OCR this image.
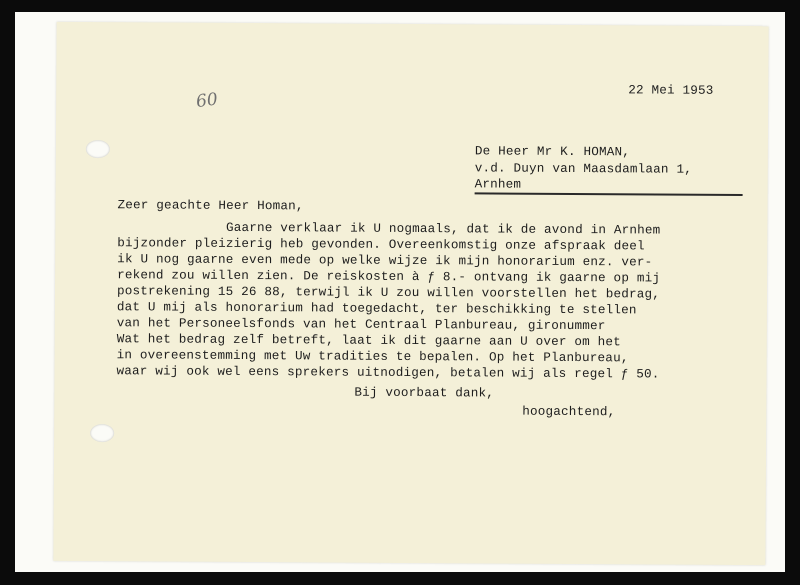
60	22 Mei 1953
De Heer Mr K. HOMAN,
v.d. Duyn van Maasdamlaan 1,
Arnhem
Zeer geachte Heer Homan,
Gaarne verklaar ik U nogmaals, dat ik de avond in Arnhem
bijzonder pleizierig heb gevonden. Overeenkomstig onze afspraak deel
ik U nog gaarne even mede op welke wijze ik mijn honorarium enz. ver-
rekend zou willen zien. De reiskosten à ƒ 8.- ontvang ik gaarne op mij
postrekening 15 26 88, terwijl ik U zou willen voorstellen het bedrag,
dat U mij als honorarium had toegedacht, ter beschikking te stellen
van het Personeelsfonds van het Centraal Planbureau, gironummer
Wat het bedrag zelf betreft, laat ik dit gaarne aan U over om het
in overeenstemming met Uw tradities te bepalen. Op het Planbureau,
waar wij ook wel eens sprekers uitnodigen, betalen wij als regel ƒ 50.
Bij voorbaat dank,
hoogachtend,
